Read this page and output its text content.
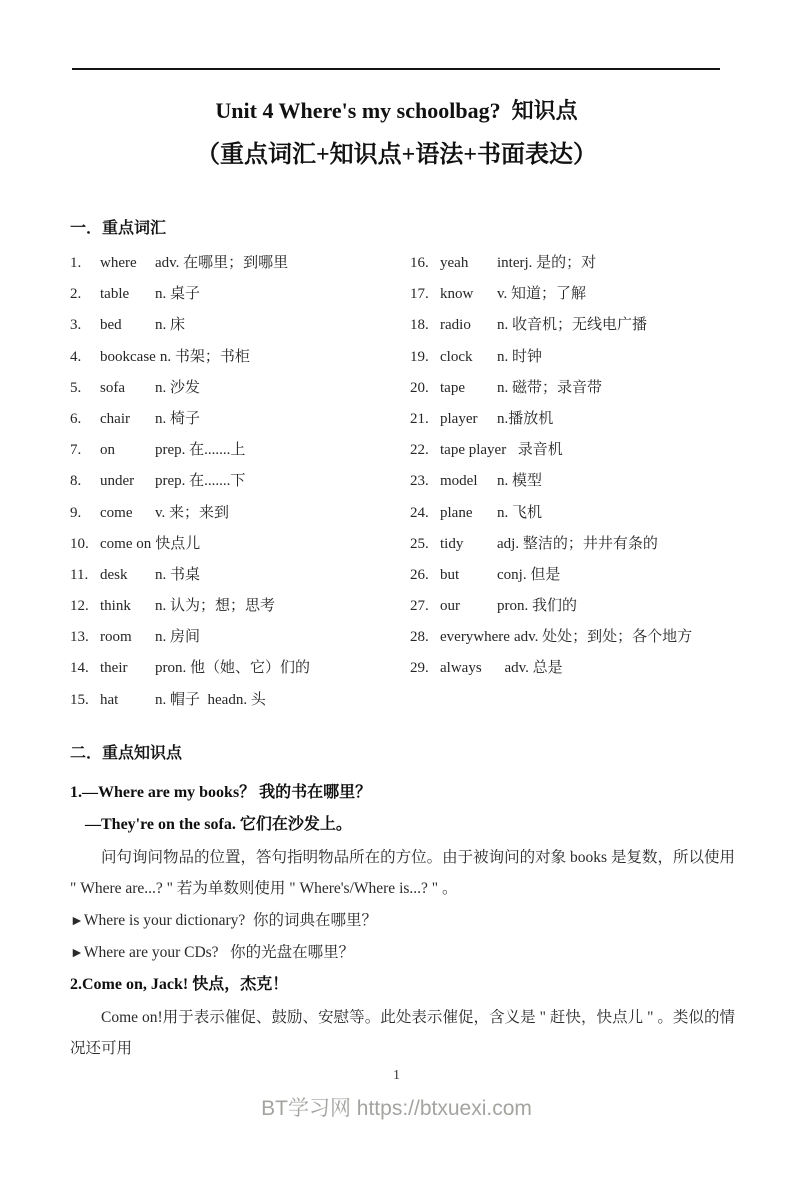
Unit 4 Where's my schoolbag?  知识点
（重点词汇+知识点+语法+书面表达）
一．重点词汇
1.	where	adv. 在哪里；到哪里
2.	table	n. 桌子
3.	bed	n. 床
4.	bookcase n. 书架；书柜
5.	sofa	n. 沙发
6.	chair	n. 椅子
7.	on	prep. 在.......上
8.	under	prep. 在.......下
9.	come	v. 来；来到
10. come on 快点儿
11. desk	n. 书桌
12. think	n. 认为；想；思考
13. room	n. 房间
14. their	pron. 他（她、它）们的
15. hat	n. 帽子  headn. 头
16. yeah	interj. 是的；对
17. know	v. 知道；了解
18. radio	n. 收音机；无线电广播
19. clock	n. 时钟
20. tape	n. 磁带；录音带
21. player	n.播放机
22. tape player 录音机
23. model	n. 模型
24. plane	n. 飞机
25. tidy	adj. 整洁的；井井有条的
26. but	conj. 但是
27. our	pron. 我们的
28. everywhere adv. 处处；到处；各个地方
29. always	adv. 总是
二．重点知识点
1.—Where are my books？ 我的书在哪里？
—They're on the sofa. 它们在沙发上。
问句询问物品的位置，答句指明物品所在的方位。由于被询问的对象 books 是复数，所以使用 " Where are...? " 若为单数则使用 " Where's/Where is...? " 。
►Where is your dictionary?  你的词典在哪里？
►Where are your CDs?   你的光盘在哪里？
2.Come on, Jack! 快点，杰克！
Come on!用于表示催促、鼓励、安慰等。此处表示催促，含义是 " 赶快，快点儿 " 。类似的情况还可用
1
BT学习网 https://btxuexi.com
